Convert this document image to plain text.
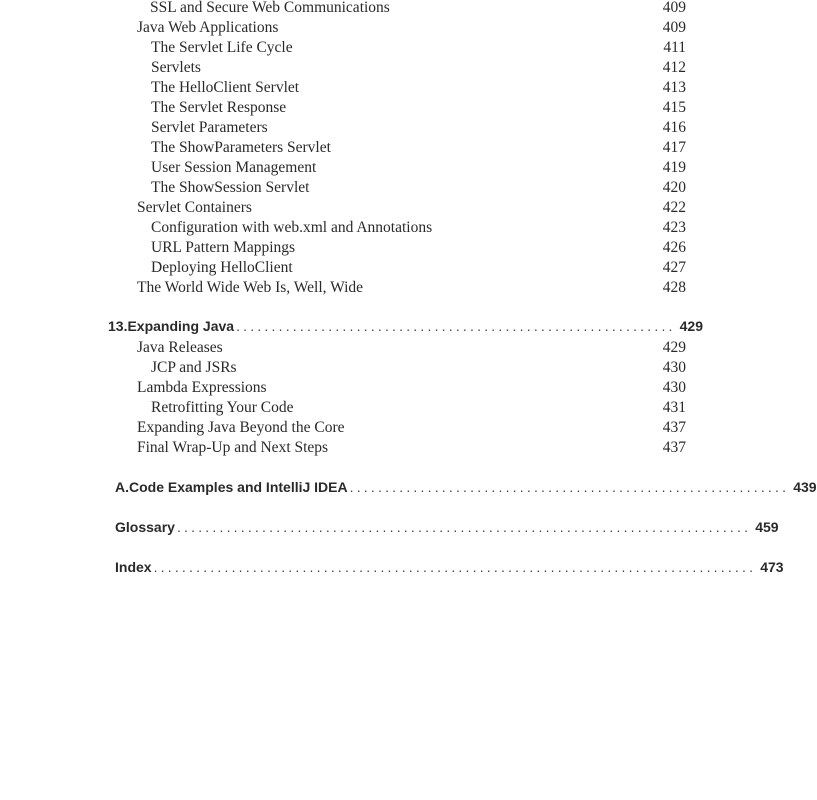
SSL and Secure Web Communications	409
Java Web Applications	409
The Servlet Life Cycle	411
Servlets	412
The HelloClient Servlet	413
The Servlet Response	415
Servlet Parameters	416
The ShowParameters Servlet	417
User Session Management	419
The ShowSession Servlet	420
Servlet Containers	422
Configuration with web.xml and Annotations	423
URL Pattern Mappings	426
Deploying HelloClient	427
The World Wide Web Is, Well, Wide	428
13. Expanding Java .............................................................. 429
Java Releases	429
JCP and JSRs	430
Lambda Expressions	430
Retrofitting Your Code	431
Expanding Java Beyond the Core	437
Final Wrap-Up and Next Steps	437
A. Code Examples and IntelliJ IDEA .............................................................. 439
Glossary ................................................................................. 459
Index ..................................................................................... 473
